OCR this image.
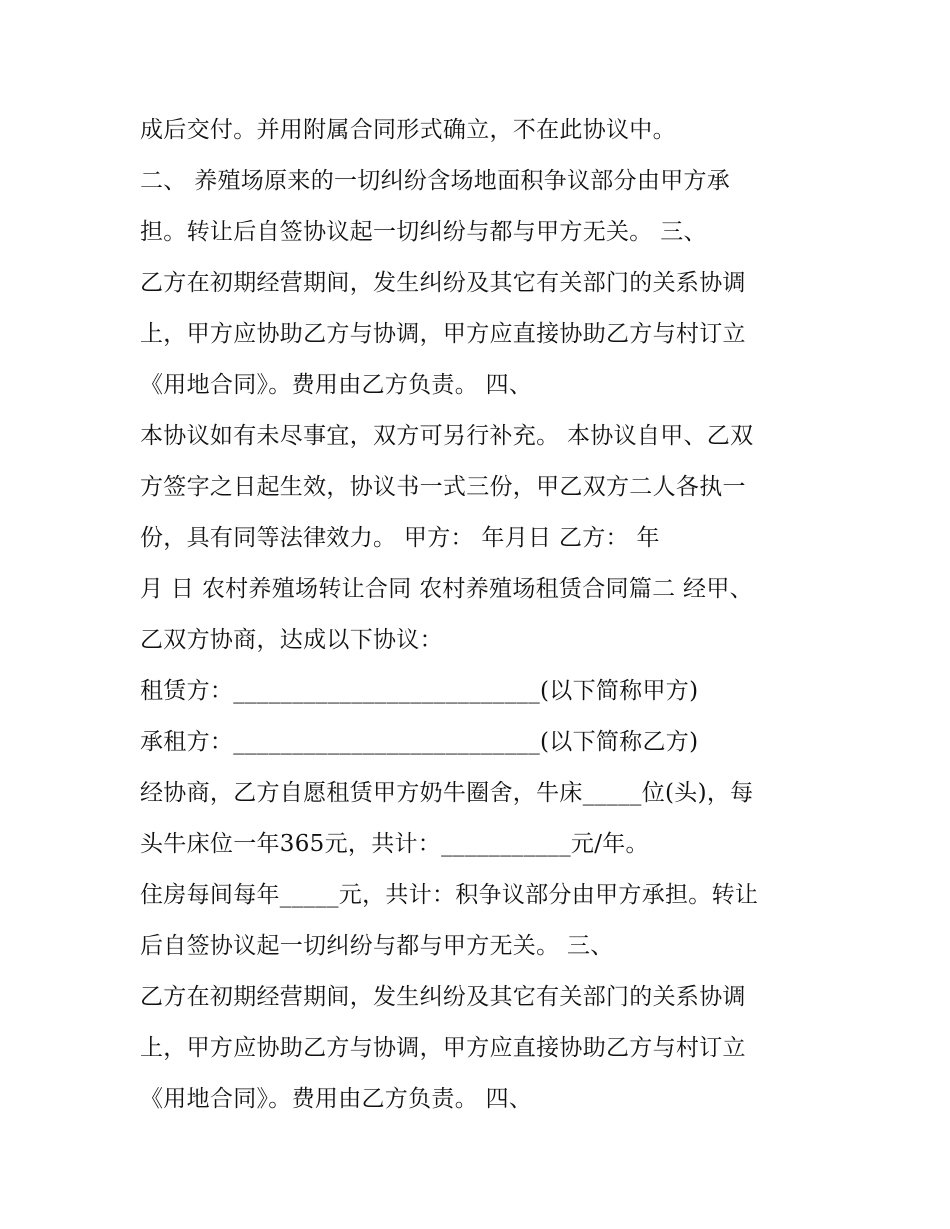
成后交付。并用附属合同形式确立，不在此协议中。
二、 养殖场原来的一切纠纷含场地面积争议部分由甲方承
担。转让后自签协议起一切纠纷与都与甲方无关。 三、
乙方在初期经营期间，发生纠纷及其它有关部门的关系协调
上，甲方应协助乙方与协调，甲方应直接协助乙方与村订立
《用地合同》。费用由乙方负责。 四、
本协议如有未尽事宜，双方可另行补充。 本协议自甲、乙双
方签字之日起生效，协议书一式三份，甲乙双方二人各执一
份，具有同等法律效力。 甲方： 年月日 乙方： 年
月 日 农村养殖场转让合同 农村养殖场租赁合同篇二 经甲、
乙双方协商，达成以下协议：
租赁方：__________________________(以下简称甲方)
承租方：__________________________(以下简称乙方)
经协商，乙方自愿租赁甲方奶牛圈舍，牛床_____位(头)，每
头牛床位一年365元，共计：___________元/年。
住房每间每年_____元，共计：积争议部分由甲方承担。转让
后自签协议起一切纠纷与都与甲方无关。 三、
乙方在初期经营期间，发生纠纷及其它有关部门的关系协调
上，甲方应协助乙方与协调，甲方应直接协助乙方与村订立
《用地合同》。费用由乙方负责。 四、
